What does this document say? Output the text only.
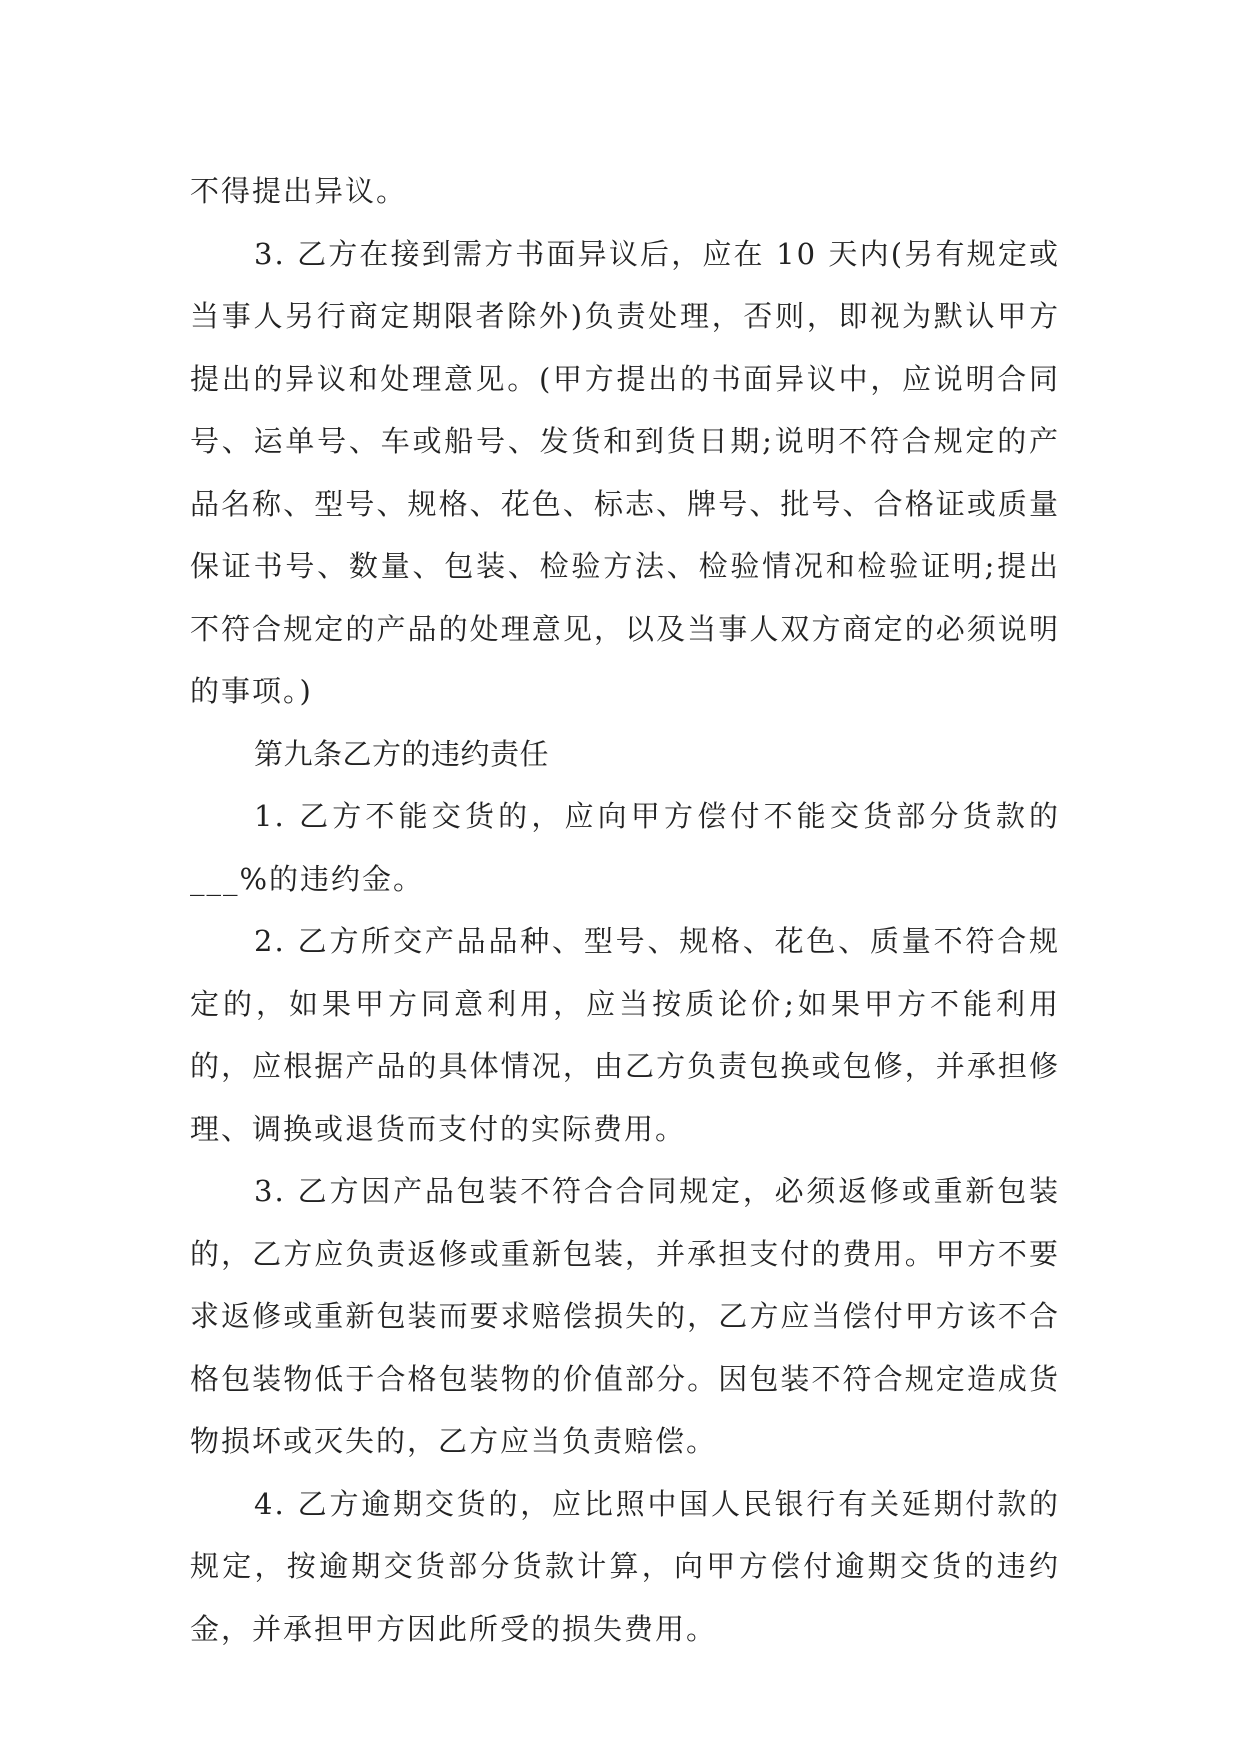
不得提出异议。

3. 乙方在接到需方书面异议后，应在 10 天内(另有规定或当事人另行商定期限者除外)负责处理，否则，即视为默认甲方提出的异议和处理意见。(甲方提出的书面异议中，应说明合同号、运单号、车或船号、发货和到货日期;说明不符合规定的产品名称、型号、规格、花色、标志、牌号、批号、合格证或质量保证书号、数量、包装、检验方法、检验情况和检验证明;提出不符合规定的产品的处理意见，以及当事人双方商定的必须说明的事项。)

第九条乙方的违约责任

1. 乙方不能交货的，应向甲方偿付不能交货部分货款的___%的违约金。

2. 乙方所交产品品种、型号、规格、花色、质量不符合规定的，如果甲方同意利用，应当按质论价;如果甲方不能利用的，应根据产品的具体情况，由乙方负责包换或包修，并承担修理、调换或退货而支付的实际费用。

3. 乙方因产品包装不符合合同规定，必须返修或重新包装的，乙方应负责返修或重新包装，并承担支付的费用。甲方不要求返修或重新包装而要求赔偿损失的，乙方应当偿付甲方该不合格包装物低于合格包装物的价值部分。因包装不符合规定造成货物损坏或灭失的，乙方应当负责赔偿。

4. 乙方逾期交货的，应比照中国人民银行有关延期付款的规定，按逾期交货部分货款计算，向甲方偿付逾期交货的违约金，并承担甲方因此所受的损失费用。
